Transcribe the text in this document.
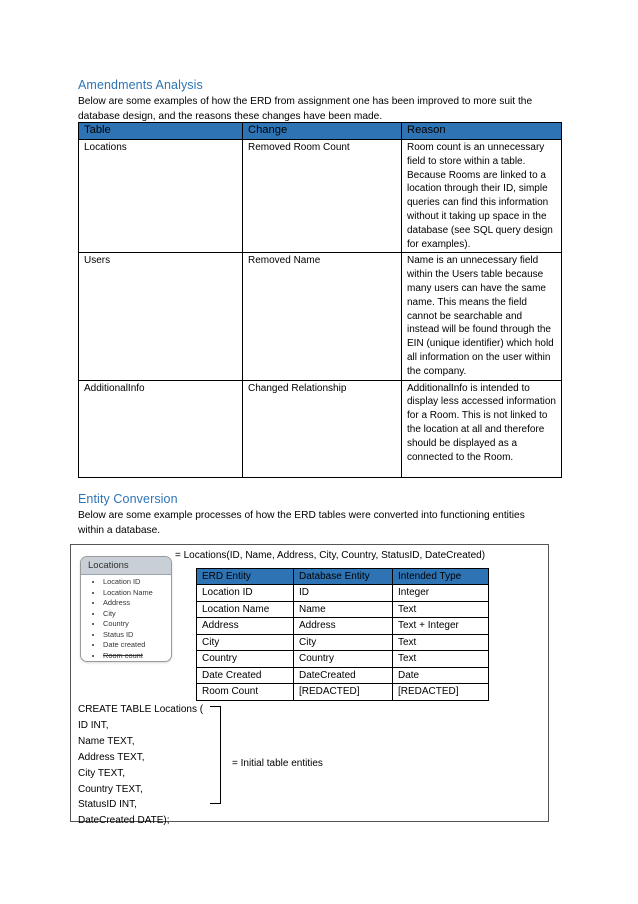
Amendments Analysis
Below are some examples of how the ERD from assignment one has been improved to more suit the database design, and the reasons these changes have been made.
Table	Change	Reason
Locations	Removed Room Count	Room count is an unnecessary field to store within a table. Because Rooms are linked to a location through their ID, simple queries can find this information without it taking up space in the database (see SQL query design for examples).
Users	Removed Name	Name is an unnecessary field within the Users table because many users can have the same name. This means the field cannot be searchable and instead will be found through the EIN (unique identifier) which hold all information on the user within the company.
AdditionalInfo	Changed Relationship	AdditionalInfo is intended to display less accessed information for a Room. This is not linked to the location at all and therefore should be displayed as a connected to the Room.
Entity Conversion
Below are some example processes of how the ERD tables were converted into functioning entities within a database.
Locations
• Location ID
• Location Name
• Address
• City
• Country
• Status ID
• Date created
• Room count
= Locations(ID, Name, Address, City, Country, StatusID, DateCreated)
ERD Entity	Database Entity	Intended Type
Location ID	ID	Integer
Location Name	Name	Text
Address	Address	Text + Integer
City	City	Text
Country	Country	Text
Date Created	DateCreated	Date
Room Count	[REDACTED]	[REDACTED]
CREATE TABLE Locations (
ID INT,
Name TEXT,
Address TEXT,
City TEXT,
Country TEXT,
StatusID INT,
DateCreated DATE);
= Initial table entities
